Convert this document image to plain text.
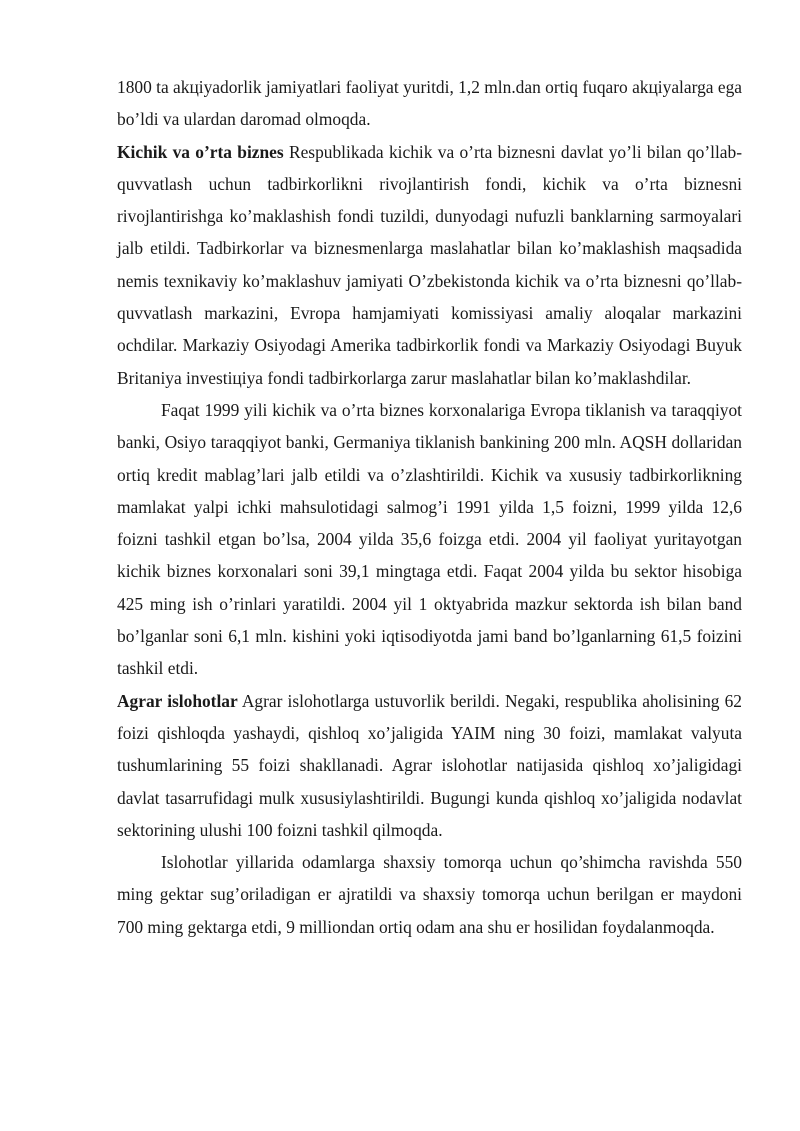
1800 ta akцiyadorlik jamiyatlari faoliyat yuritdi, 1,2 mln.dan ortiq fuqaro akцiyalarga ega bo’ldi va ulardan daromad olmoqda.

Kichik va o’rta biznes Respublikada kichik va o’rta biznesni davlat yo’li bilan qo’llab-quvvatlash uchun tadbirkorlikni rivojlantirish fondi, kichik va o’rta biznesni rivojlantirishga ko’maklashish fondi tuzildi, dunyodagi nufuzli banklarning sarmoyalari jalb etildi. Tadbirkorlar va biznesmenlarga maslahatlar bilan ko’maklashish maqsadida nemis texnikaviy ko’maklashuv jamiyati O’zbekistonda kichik va o’rta biznesni qo’llab-quvvatlash markazini, Evropa hamjamiyati komissiyasi amaliy aloqalar markazini ochdilar. Markaziy Osiyodagi Amerika tadbirkorlik fondi va Markaziy Osiyodagi Buyuk Britaniya investiцiya fondi tadbirkorlarga zarur maslahatlar bilan ko’maklashdilar.

Faqat 1999 yili kichik va o’rta biznes korxonalariga Evropa tiklanish va taraqqiyot banki, Osiyo taraqqiyot banki, Germaniya tiklanish bankining 200 mln. AQSH dollaridan ortiq kredit mablag’lari jalb etildi va o’zlashtirildi. Kichik va xususiy tadbirkorlikning mamlakat yalpi ichki mahsulotidagi salmog’i 1991 yilda 1,5 foizni, 1999 yilda 12,6 foizni tashkil etgan bo’lsa, 2004 yilda 35,6 foizga etdi. 2004 yil faoliyat yuritayotgan kichik biznes korxonalari soni 39,1 mingtaga etdi. Faqat 2004 yilda bu sektor hisobiga 425 ming ish o’rinlari yaratildi. 2004 yil 1 oktyabrida mazkur sektorda ish bilan band bo’lganlar soni 6,1 mln. kishini yoki iqtisodiyotda jami band bo’lganlarning 61,5 foizini tashkil etdi.

Agrar islohotlar Agrar islohotlarga ustuvorlik berildi. Negaki, respublika aholisining 62 foizi qishloqda yashaydi, qishloq xo’jaligida YAIM ning 30 foizi, mamlakat valyuta tushumlarining 55 foizi shakllanadi. Agrar islohotlar natijasida qishloq xo’jaligidagi davlat tasarrufidagi mulk xususiylashtirildi. Bugungi kunda qishloq xo’jaligida nodavlat sektorining ulushi 100 foizni tashkil qilmoqda.

Islohotlar yillarida odamlarga shaxsiy tomorqa uchun qo’shimcha ravishda 550 ming gektar sug’oriladigan er ajratildi va shaxsiy tomorqa uchun berilgan er maydoni 700 ming gektarga etdi, 9 milliondan ortiq odam ana shu er hosilidan foydalanmoqda.
